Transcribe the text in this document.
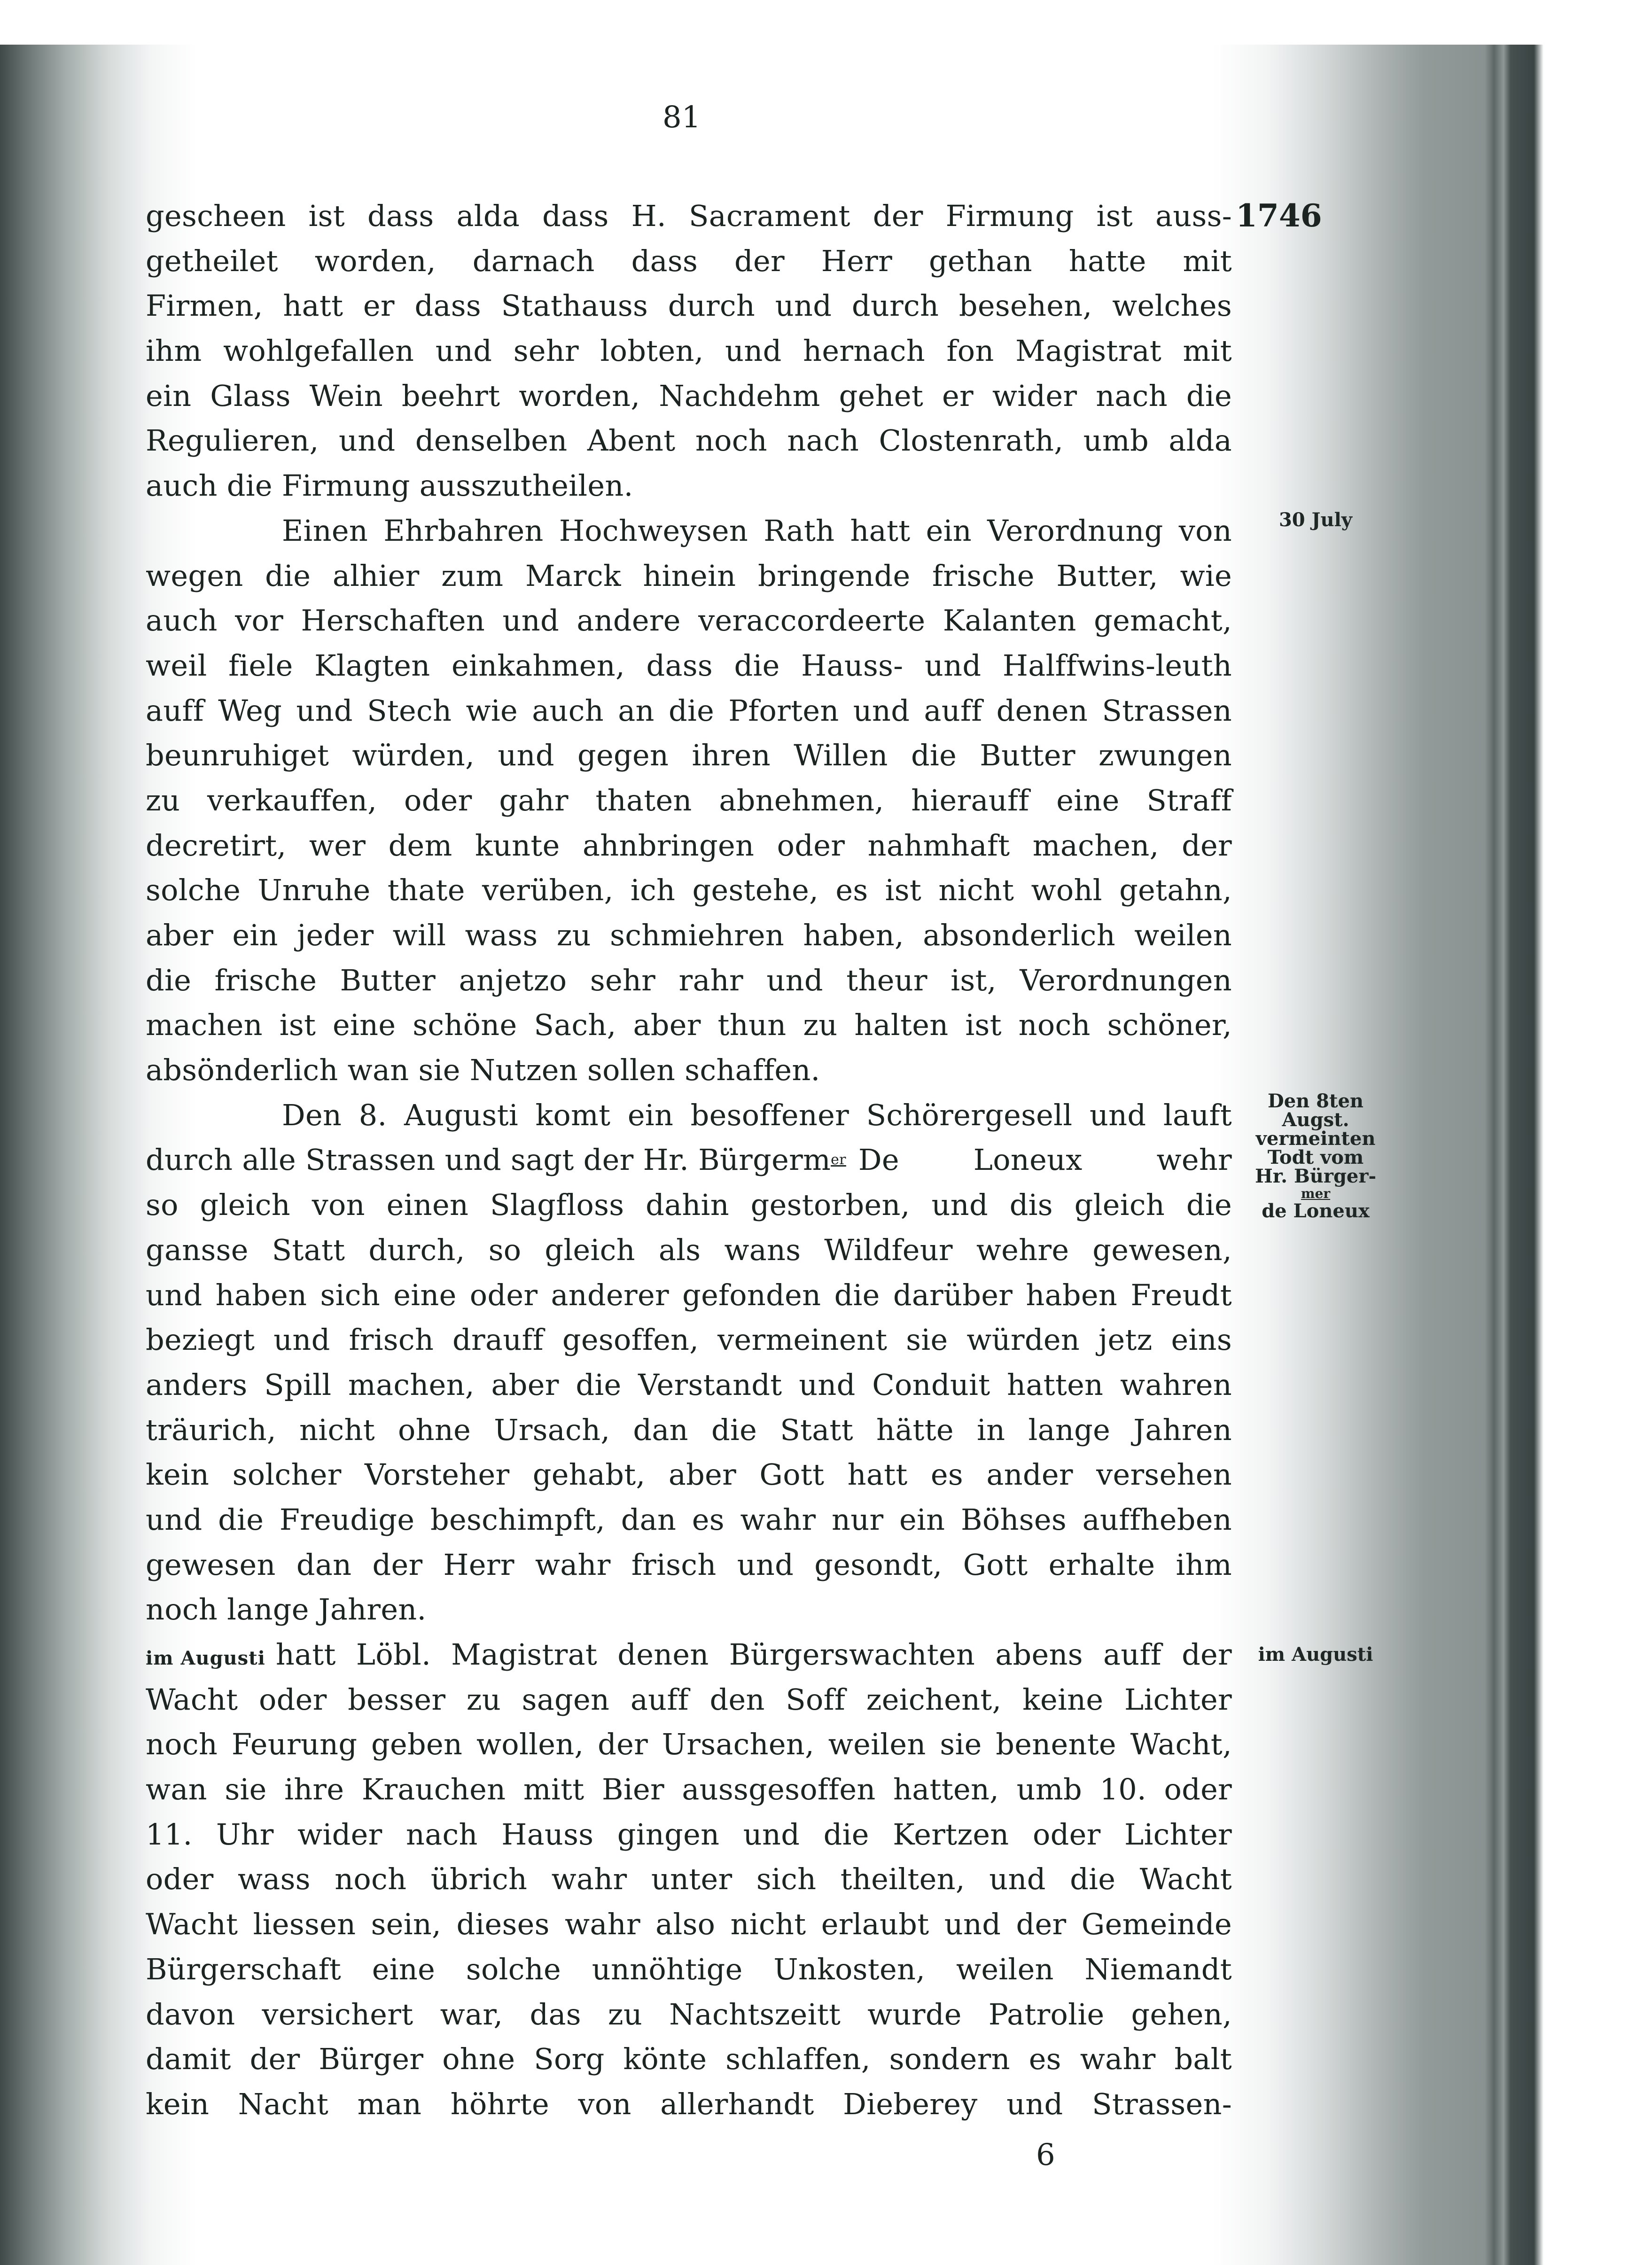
81
1746
gescheen ist dass alda dass H. Sacrament der Firmung ist auss-
getheilet worden, darnach dass der Herr gethan hatte mit
Firmen, hatt er dass Stathauss durch und durch besehen, welches
ihm wohlgefallen und sehr lobten, und hernach fon Magistrat mit
ein Glass Wein beehrt worden, Nachdehm gehet er wider nach die
Regulieren, und denselben Abent noch nach Clostenrath, umb alda
auch die Firmung ausszutheilen.
Einen Ehrbahren Hochweysen Rath hatt ein Verordnung von
wegen die alhier zum Marck hinein bringende frische Butter, wie
auch vor Herschaften und andere veraccordeerte Kalanten gemacht,
weil fiele Klagten einkahmen, dass die Hauss- und Halffwins-leuth
auff Weg und Stech wie auch an die Pforten und auff denen Strassen
beunruhiget würden, und gegen ihren Willen die Butter zwungen
zu verkauffen, oder gahr thaten abnehmen, hierauff eine Straff
decretirt, wer dem kunte ahnbringen oder nahmhaft machen, der
solche Unruhe thate verüben, ich gestehe, es ist nicht wohl getahn,
aber ein jeder will wass zu schmiehren haben, absonderlich weilen
die frische Butter anjetzo sehr rahr und theur ist, Verordnungen
machen ist eine schöne Sach, aber thun zu halten ist noch schöner,
absönderlich wan sie Nutzen sollen schaffen.
Den 8. Augusti komt ein besoffener Schörergesell und lauft
durch alle Strassen und sagt der Hr. Bürgerm er De Loneux wehr
so gleich von einen Slagfloss dahin gestorben, und dis gleich die
gansse Statt durch, so gleich als wans Wildfeur wehre gewesen,
und haben sich eine oder anderer gefonden die darüber haben Freudt
beziegt und frisch drauff gesoffen, vermeinent sie würden jetz eins
anders Spill machen, aber die Verstandt und Conduit hatten wahren
träurich, nicht ohne Ursach, dan die Statt hätte in lange Jahren
kein solcher Vorsteher gehabt, aber Gott hatt es ander versehen
und die Freudige beschimpft, dan es wahr nur ein Böhses auffheben
gewesen dan der Herr wahr frisch und gesondt, Gott erhalte ihm
noch lange Jahren.
im Augusti hatt Löbl. Magistrat denen Bürgerswachten abens auff der
Wacht oder besser zu sagen auff den Soff zeichent, keine Lichter
noch Feurung geben wollen, der Ursachen, weilen sie benente Wacht,
wan sie ihre Krauchen mitt Bier aussgesoffen hatten, umb 10. oder
11. Uhr wider nach Hauss gingen und die Kertzen oder Lichter
oder wass noch übrich wahr unter sich theilten, und die Wacht
Wacht liessen sein, dieses wahr also nicht erlaubt und der Gemeinde
Bürgerschaft eine solche unnöhtige Unkosten, weilen Niemandt
davon versichert war, das zu Nachtszeitt wurde Patrolie gehen,
damit der Bürger ohne Sorg könte schlaffen, sondern es wahr balt
kein Nacht man höhrte von allerhandt Dieberey und Strassen-
30 July
Den 8ten
Augst.
vermeinten
Todt vom
Hr. Bürger-
mer
de Loneux
im Augusti
6
